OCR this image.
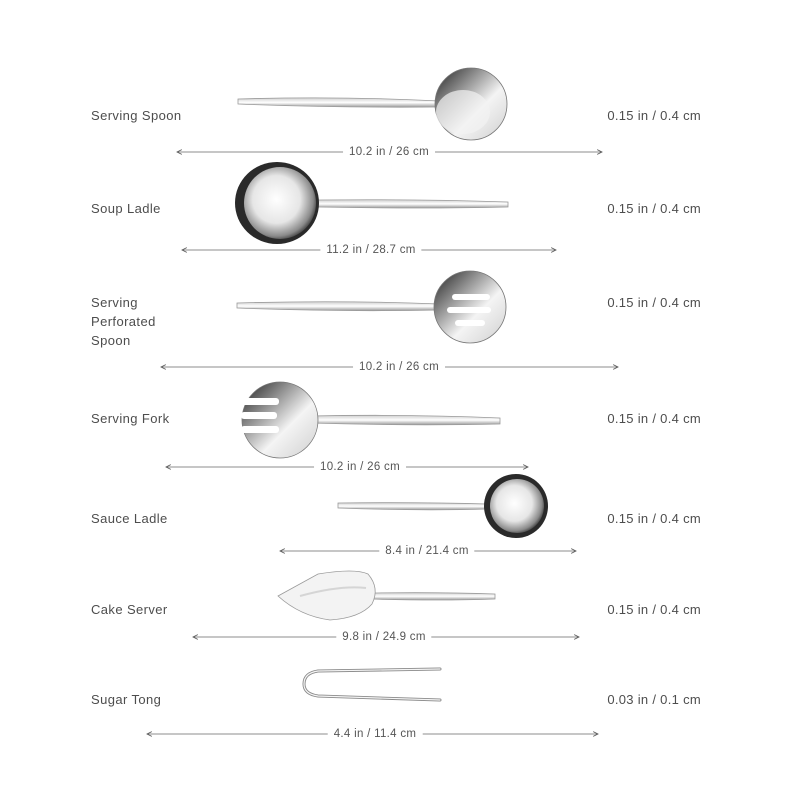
Serving Spoon
Soup Ladle
Serving Perforated Spoon
Serving Fork
Sauce Ladle
Cake Server
Sugar Tong
0.15 in / 0.4 cm
0.15 in / 0.4 cm
0.15 in / 0.4 cm
0.15 in / 0.4 cm
0.15 in / 0.4 cm
0.15 in / 0.4 cm
0.03 in / 0.1 cm
10.2 in / 26 cm
11.2 in / 28.7 cm
10.2 in / 26 cm
10.2 in / 26 cm
8.4 in / 21.4 cm
9.8 in / 24.9 cm
4.4 in / 11.4 cm
